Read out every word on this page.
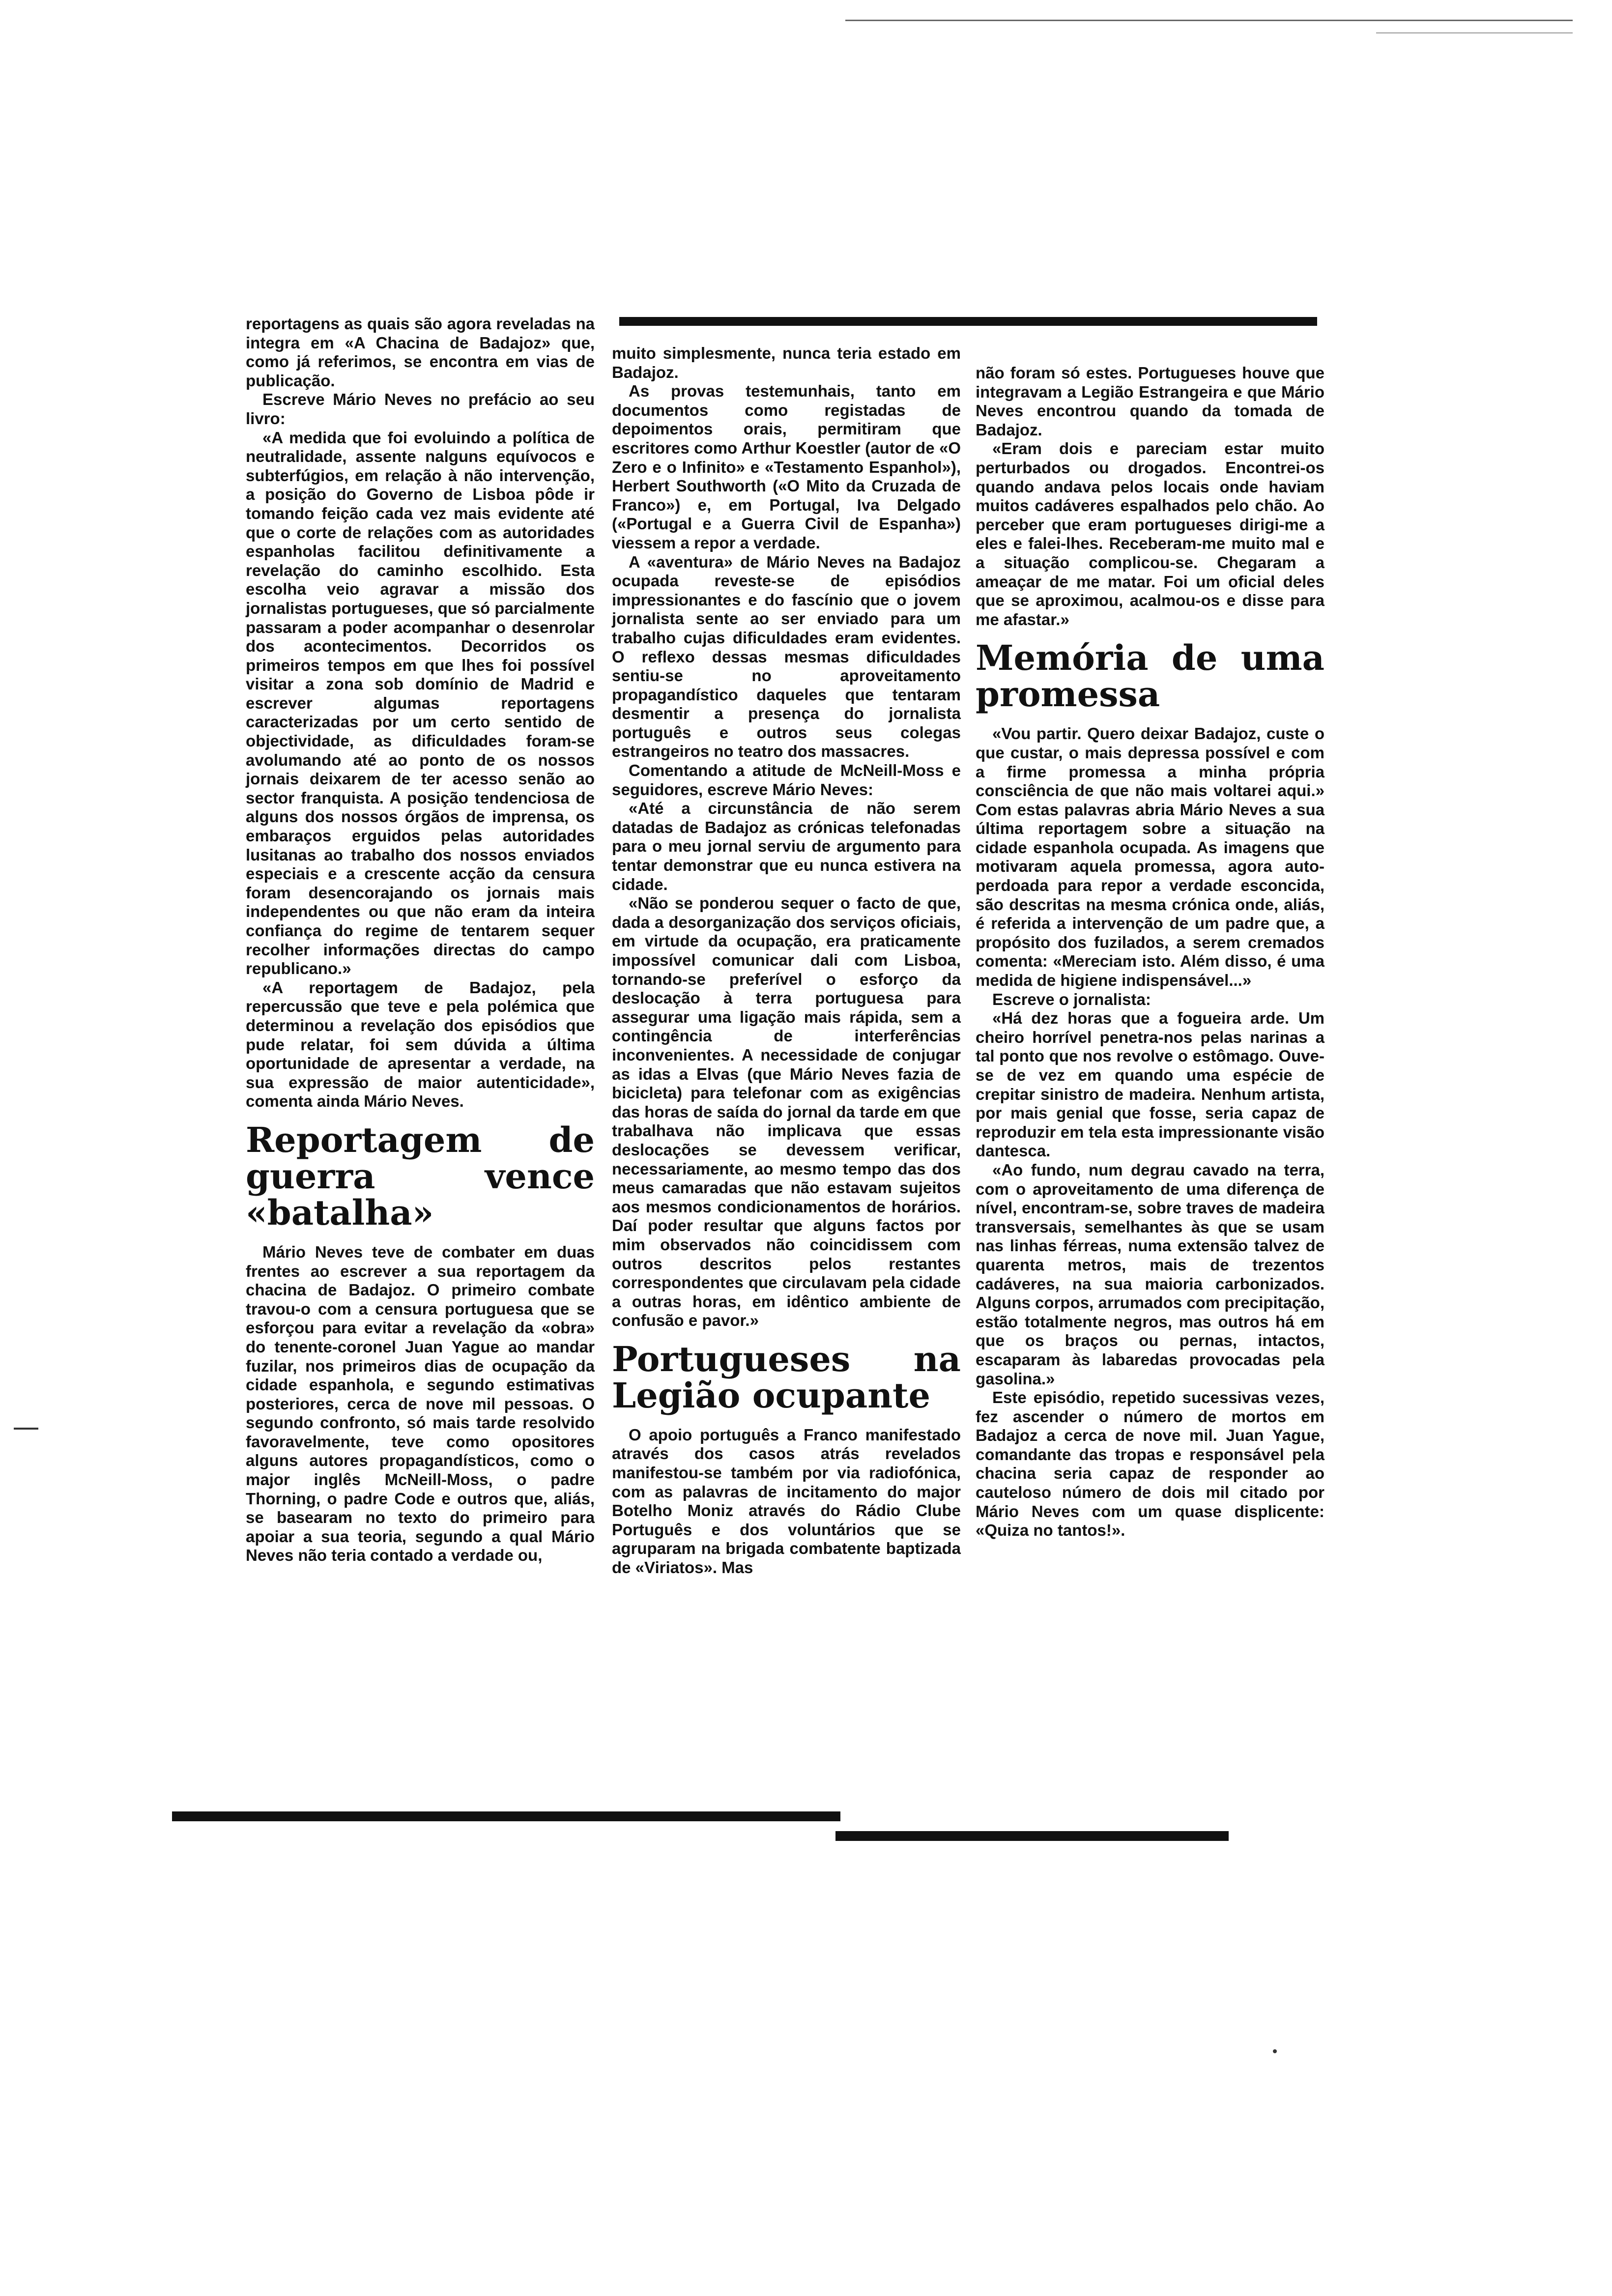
reportagens as quais são agora reveladas na integra em «A Chacina de Badajoz» que, como já referimos, se encontra em vias de publicação.

Escreve Mário Neves no prefácio ao seu livro:

«A medida que foi evoluindo a política de neutralidade, assente nalguns equívocos e subterfúgios, em relação à não intervenção, a posição do Governo de Lisboa pôde ir tomando feição cada vez mais evidente até que o corte de relações com as autoridades espanholas facilitou definitivamente a revelação do caminho escolhido. Esta escolha veio agravar a missão dos jornalistas portugueses, que só parcialmente passaram a poder acompanhar o desenrolar dos acontecimentos. Decorridos os primeiros tempos em que lhes foi possível visitar a zona sob domínio de Madrid e escrever algumas reportagens caracterizadas por um certo sentido de objectividade, as dificuldades foram-se avolumando até ao ponto de os nossos jornais deixarem de ter acesso senão ao sector franquista. A posição tendenciosa de alguns dos nossos órgãos de imprensa, os embaraços erguidos pelas autoridades lusitanas ao trabalho dos nossos enviados especiais e a crescente acção da censura foram desencorajando os jornais mais independentes ou que não eram da inteira confiança do regime de tentarem sequer recolher informações directas do campo republicano.»

«A reportagem de Badajoz, pela repercussão que teve e pela polémica que determinou a revelação dos episódios que pude relatar, foi sem dúvida a última oportunidade de apresentar a verdade, na sua expressão de maior autenticidade», comenta ainda Mário Neves.

Reportagem de guerra vence «batalha»

Mário Neves teve de combater em duas frentes ao escrever a sua reportagem da chacina de Badajoz. O primeiro combate travou-o com a censura portuguesa que se esforçou para evitar a revelação da «obra» do tenente-coronel Juan Yague ao mandar fuzilar, nos primeiros dias de ocupação da cidade espanhola, e segundo estimativas posteriores, cerca de nove mil pessoas. O segundo confronto, só mais tarde resolvido favoravelmente, teve como opositores alguns autores propagandísticos, como o major inglês McNeill-Moss, o padre Thorning, o padre Code e outros que, aliás, se basearam no texto do primeiro para apoiar a sua teoria, segundo a qual Mário Neves não teria contado a verdade ou,

muito simplesmente, nunca teria estado em Badajoz.

As provas testemunhais, tanto em documentos como registadas de depoimentos orais, permitiram que escritores como Arthur Koestler (autor de «O Zero e o Infinito» e «Testamento Espanhol»), Herbert Southworth («O Mito da Cruzada de Franco») e, em Portugal, Iva Delgado («Portugal e a Guerra Civil de Espanha») viessem a repor a verdade.

A «aventura» de Mário Neves na Badajoz ocupada reveste-se de episódios impressionantes e do fascínio que o jovem jornalista sente ao ser enviado para um trabalho cujas dificuldades eram evidentes. O reflexo dessas mesmas dificuldades sentiu-se no aproveitamento propagandístico daqueles que tentaram desmentir a presença do jornalista português e outros seus colegas estrangeiros no teatro dos massacres.

Comentando a atitude de McNeill-Moss e seguidores, escreve Mário Neves:

«Até a circunstância de não serem datadas de Badajoz as crónicas telefonadas para o meu jornal serviu de argumento para tentar demonstrar que eu nunca estivera na cidade.

«Não se ponderou sequer o facto de que, dada a desorganização dos serviços oficiais, em virtude da ocupação, era praticamente impossível comunicar dali com Lisboa, tornando-se preferível o esforço da deslocação à terra portuguesa para assegurar uma ligação mais rápida, sem a contingência de interferências inconvenientes. A necessidade de conjugar as idas a Elvas (que Mário Neves fazia de bicicleta) para telefonar com as exigências das horas de saída do jornal da tarde em que trabalhava não implicava que essas deslocações se devessem verificar, necessariamente, ao mesmo tempo das dos meus camaradas que não estavam sujeitos aos mesmos condicionamentos de horários. Daí poder resultar que alguns factos por mim observados não coincidissem com outros descritos pelos restantes correspondentes que circulavam pela cidade a outras horas, em idêntico ambiente de confusão e pavor.»

Portugueses na Legião ocupante

O apoio português a Franco manifestado através dos casos atrás revelados manifestou-se também por via radiofónica, com as palavras de incitamento do major Botelho Moniz através do Rádio Clube Português e dos voluntários que se agruparam na brigada combatente baptizada de «Viriatos». Mas

não foram só estes. Portugueses houve que integravam a Legião Estrangeira e que Mário Neves encontrou quando da tomada de Badajoz.

«Eram dois e pareciam estar muito perturbados ou drogados. Encontrei-os quando andava pelos locais onde haviam muitos cadáveres espalhados pelo chão. Ao perceber que eram portugueses dirigi-me a eles e falei-lhes. Receberam-me muito mal e a situação complicou-se. Chegaram a ameaçar de me matar. Foi um oficial deles que se aproximou, acalmou-os e disse para me afastar.»

Memória de uma promessa

«Vou partir. Quero deixar Badajoz, custe o que custar, o mais depressa possível e com a firme promessa a minha própria consciência de que não mais voltarei aqui.» Com estas palavras abria Mário Neves a sua última reportagem sobre a situação na cidade espanhola ocupada. As imagens que motivaram aquela promessa, agora auto-perdoada para repor a verdade esconcida, são descritas na mesma crónica onde, aliás, é referida a intervenção de um padre que, a propósito dos fuzilados, a serem cremados comenta: «Mereciam isto. Além disso, é uma medida de higiene indispensável...»

Escreve o jornalista:

«Há dez horas que a fogueira arde. Um cheiro horrível penetra-nos pelas narinas a tal ponto que nos revolve o estômago. Ouve-se de vez em quando uma espécie de crepitar sinistro de madeira. Nenhum artista, por mais genial que fosse, seria capaz de reproduzir em tela esta impressionante visão dantesca.

«Ao fundo, num degrau cavado na terra, com o aproveitamento de uma diferença de nível, encontram-se, sobre traves de madeira transversais, semelhantes às que se usam nas linhas férreas, numa extensão talvez de quarenta metros, mais de trezentos cadáveres, na sua maioria carbonizados. Alguns corpos, arrumados com precipitação, estão totalmente negros, mas outros há em que os braços ou pernas, intactos, escaparam às labaredas provocadas pela gasolina.»

Este episódio, repetido sucessivas vezes, fez ascender o número de mortos em Badajoz a cerca de nove mil. Juan Yague, comandante das tropas e responsável pela chacina seria capaz de responder ao cauteloso número de dois mil citado por Mário Neves com um quase displicente: «Quiza no tantos!».
